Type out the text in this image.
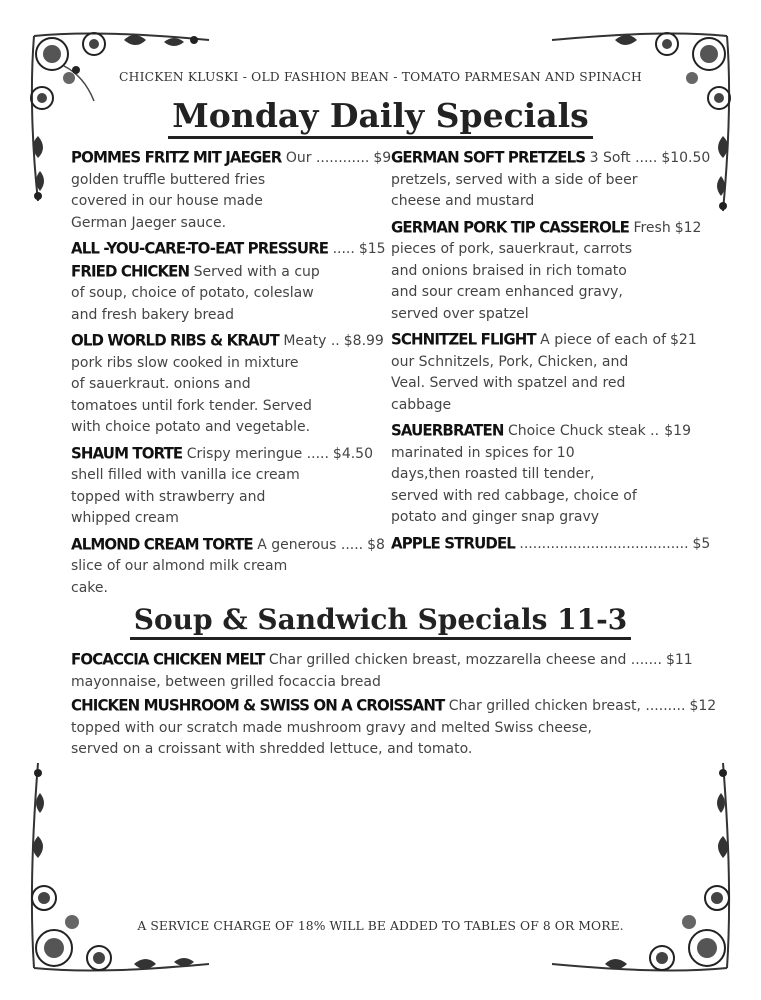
CHICKEN KLUSKI - OLD FASHION BEAN - TOMATO PARMESAN AND SPINACH
Monday Daily Specials
POMMES FRITZ MIT JAEGER Our ............ $9
golden truffle buttered fries
covered in our house made
German Jaeger sauce.
ALL -YOU-CARE-TO-EAT PRESSURE ..... $15
FRIED CHICKEN Served with a cup
of soup, choice of potato, coleslaw
and fresh bakery bread
OLD WORLD RIBS & KRAUT Meaty .. $8.99
pork ribs slow cooked in mixture
of sauerkraut. onions and
tomatoes until fork tender. Served
with choice potato and vegetable.
SHAUM TORTE Crispy meringue ..... $4.50
shell filled with vanilla ice cream
topped with strawberry and
whipped cream
ALMOND CREAM TORTE A generous ..... $8
slice of our almond milk cream
cake.
GERMAN SOFT PRETZELS 3 Soft ..... $10.50
pretzels, served with a side of beer
cheese and mustard
GERMAN PORK TIP CASSEROLE Fresh $12
pieces of pork, sauerkraut, carrots
and onions braised in rich tomato
and sour cream enhanced gravy,
served over spatzel
SCHNITZEL FLIGHT A piece of each of $21
our Schnitzels, Pork, Chicken, and
Veal. Served with spatzel and red
cabbage
SAUERBRATEN Choice Chuck steak .. $19
marinated in spices for 10
days,then roasted till tender,
served with red cabbage, choice of
potato and ginger snap gravy
APPLE STRUDEL ...................................... $5
Soup & Sandwich Specials 11-3
FOCACCIA CHICKEN MELT Char grilled chicken breast, mozzarella cheese and ....... $11
mayonnaise, between grilled focaccia bread
CHICKEN MUSHROOM & SWISS ON A CROISSANT Char grilled chicken breast, ......... $12
topped with our scratch made mushroom gravy and melted Swiss cheese,
served on a croissant with shredded lettuce, and tomato.
A SERVICE CHARGE OF 18% WILL BE ADDED TO TABLES OF 8 OR MORE.
